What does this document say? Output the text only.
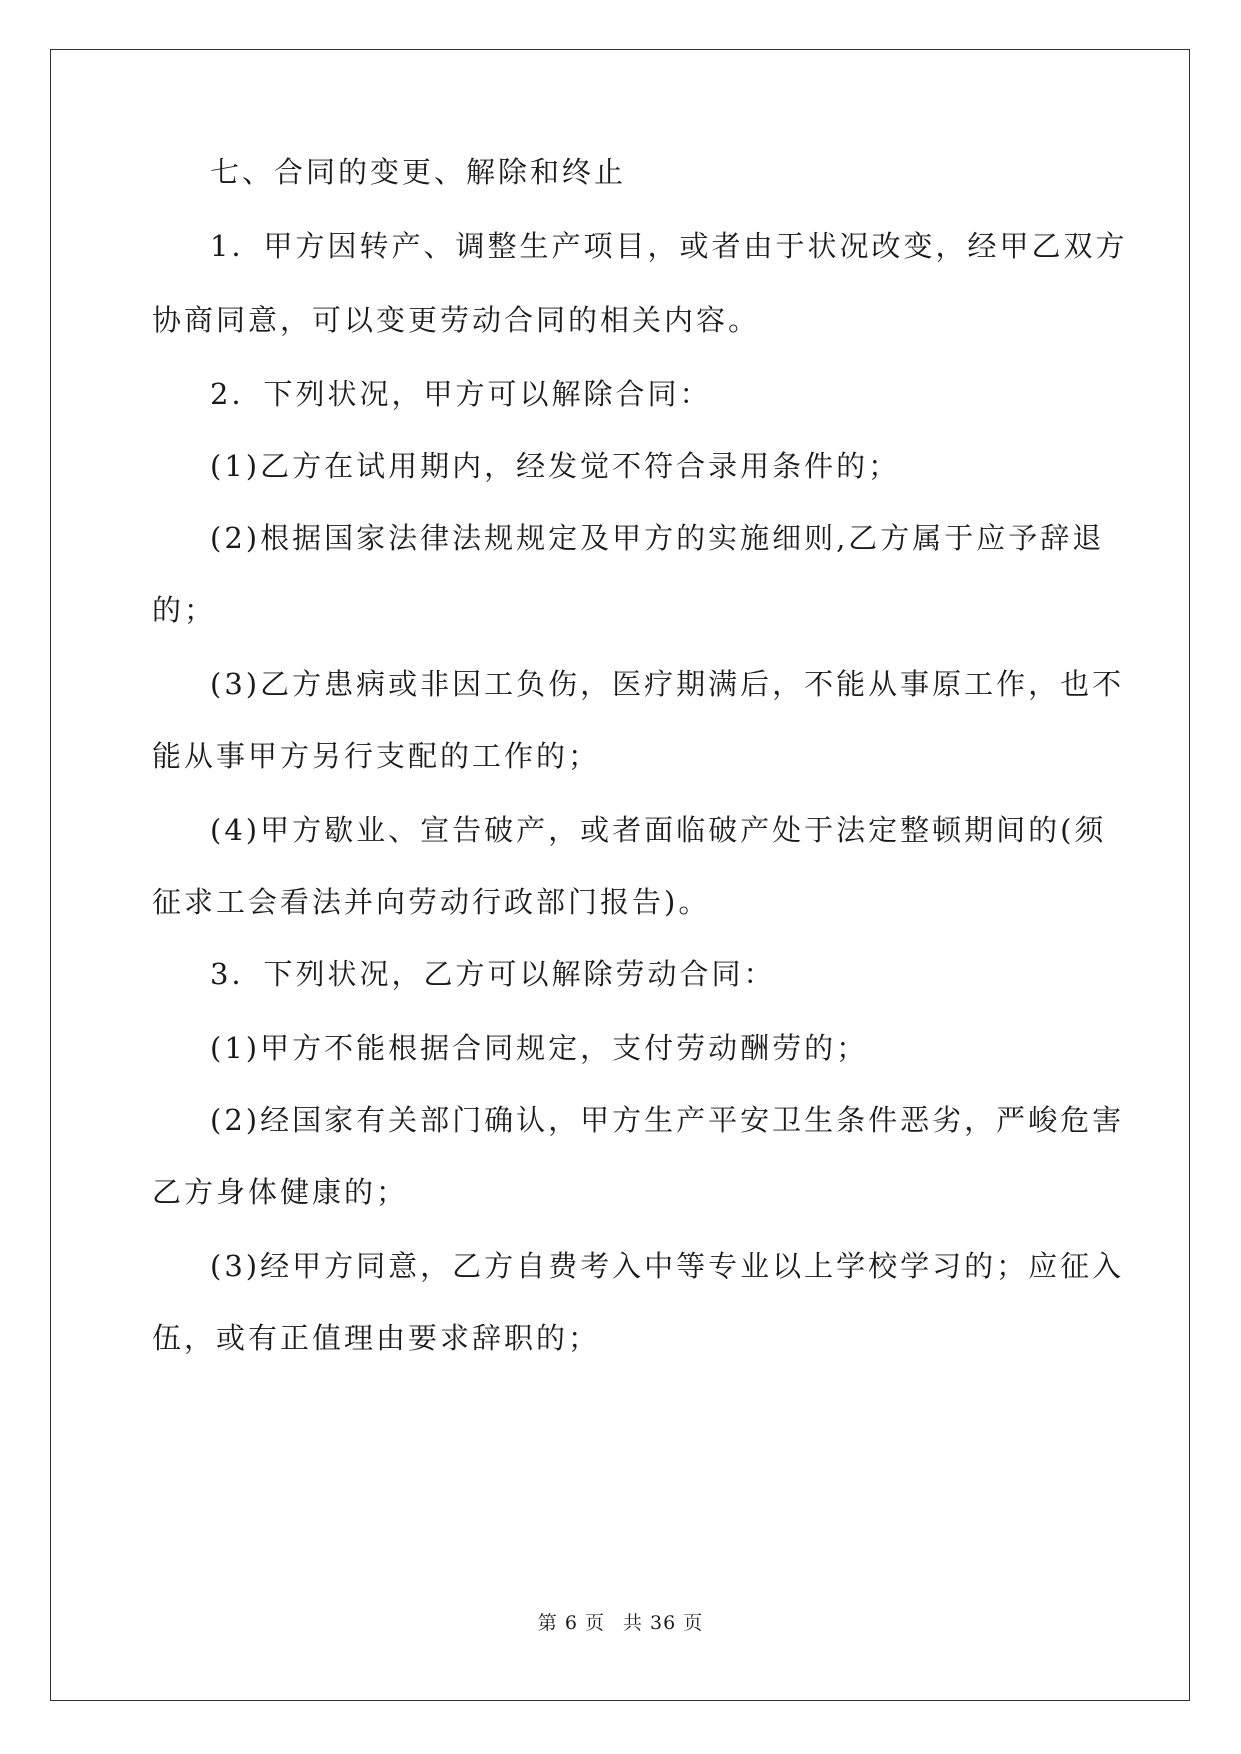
七、合同的变更、解除和终止
1．甲方因转产、调整生产项目，或者由于状况改变，经甲乙双方
协商同意，可以变更劳动合同的相关内容。
2．下列状况，甲方可以解除合同：
(1)乙方在试用期内，经发觉不符合录用条件的；
(2)根据国家法律法规规定及甲方的实施细则,乙方属于应予辞退
的；
(3)乙方患病或非因工负伤，医疗期满后，不能从事原工作，也不
能从事甲方另行支配的工作的；
(4)甲方歇业、宣告破产，或者面临破产处于法定整顿期间的(须
征求工会看法并向劳动行政部门报告)。
3．下列状况，乙方可以解除劳动合同：
(1)甲方不能根据合同规定，支付劳动酬劳的；
(2)经国家有关部门确认，甲方生产平安卫生条件恶劣，严峻危害
乙方身体健康的；
(3)经甲方同意，乙方自费考入中等专业以上学校学习的；应征入
伍，或有正值理由要求辞职的；
第 6 页 共 36 页
